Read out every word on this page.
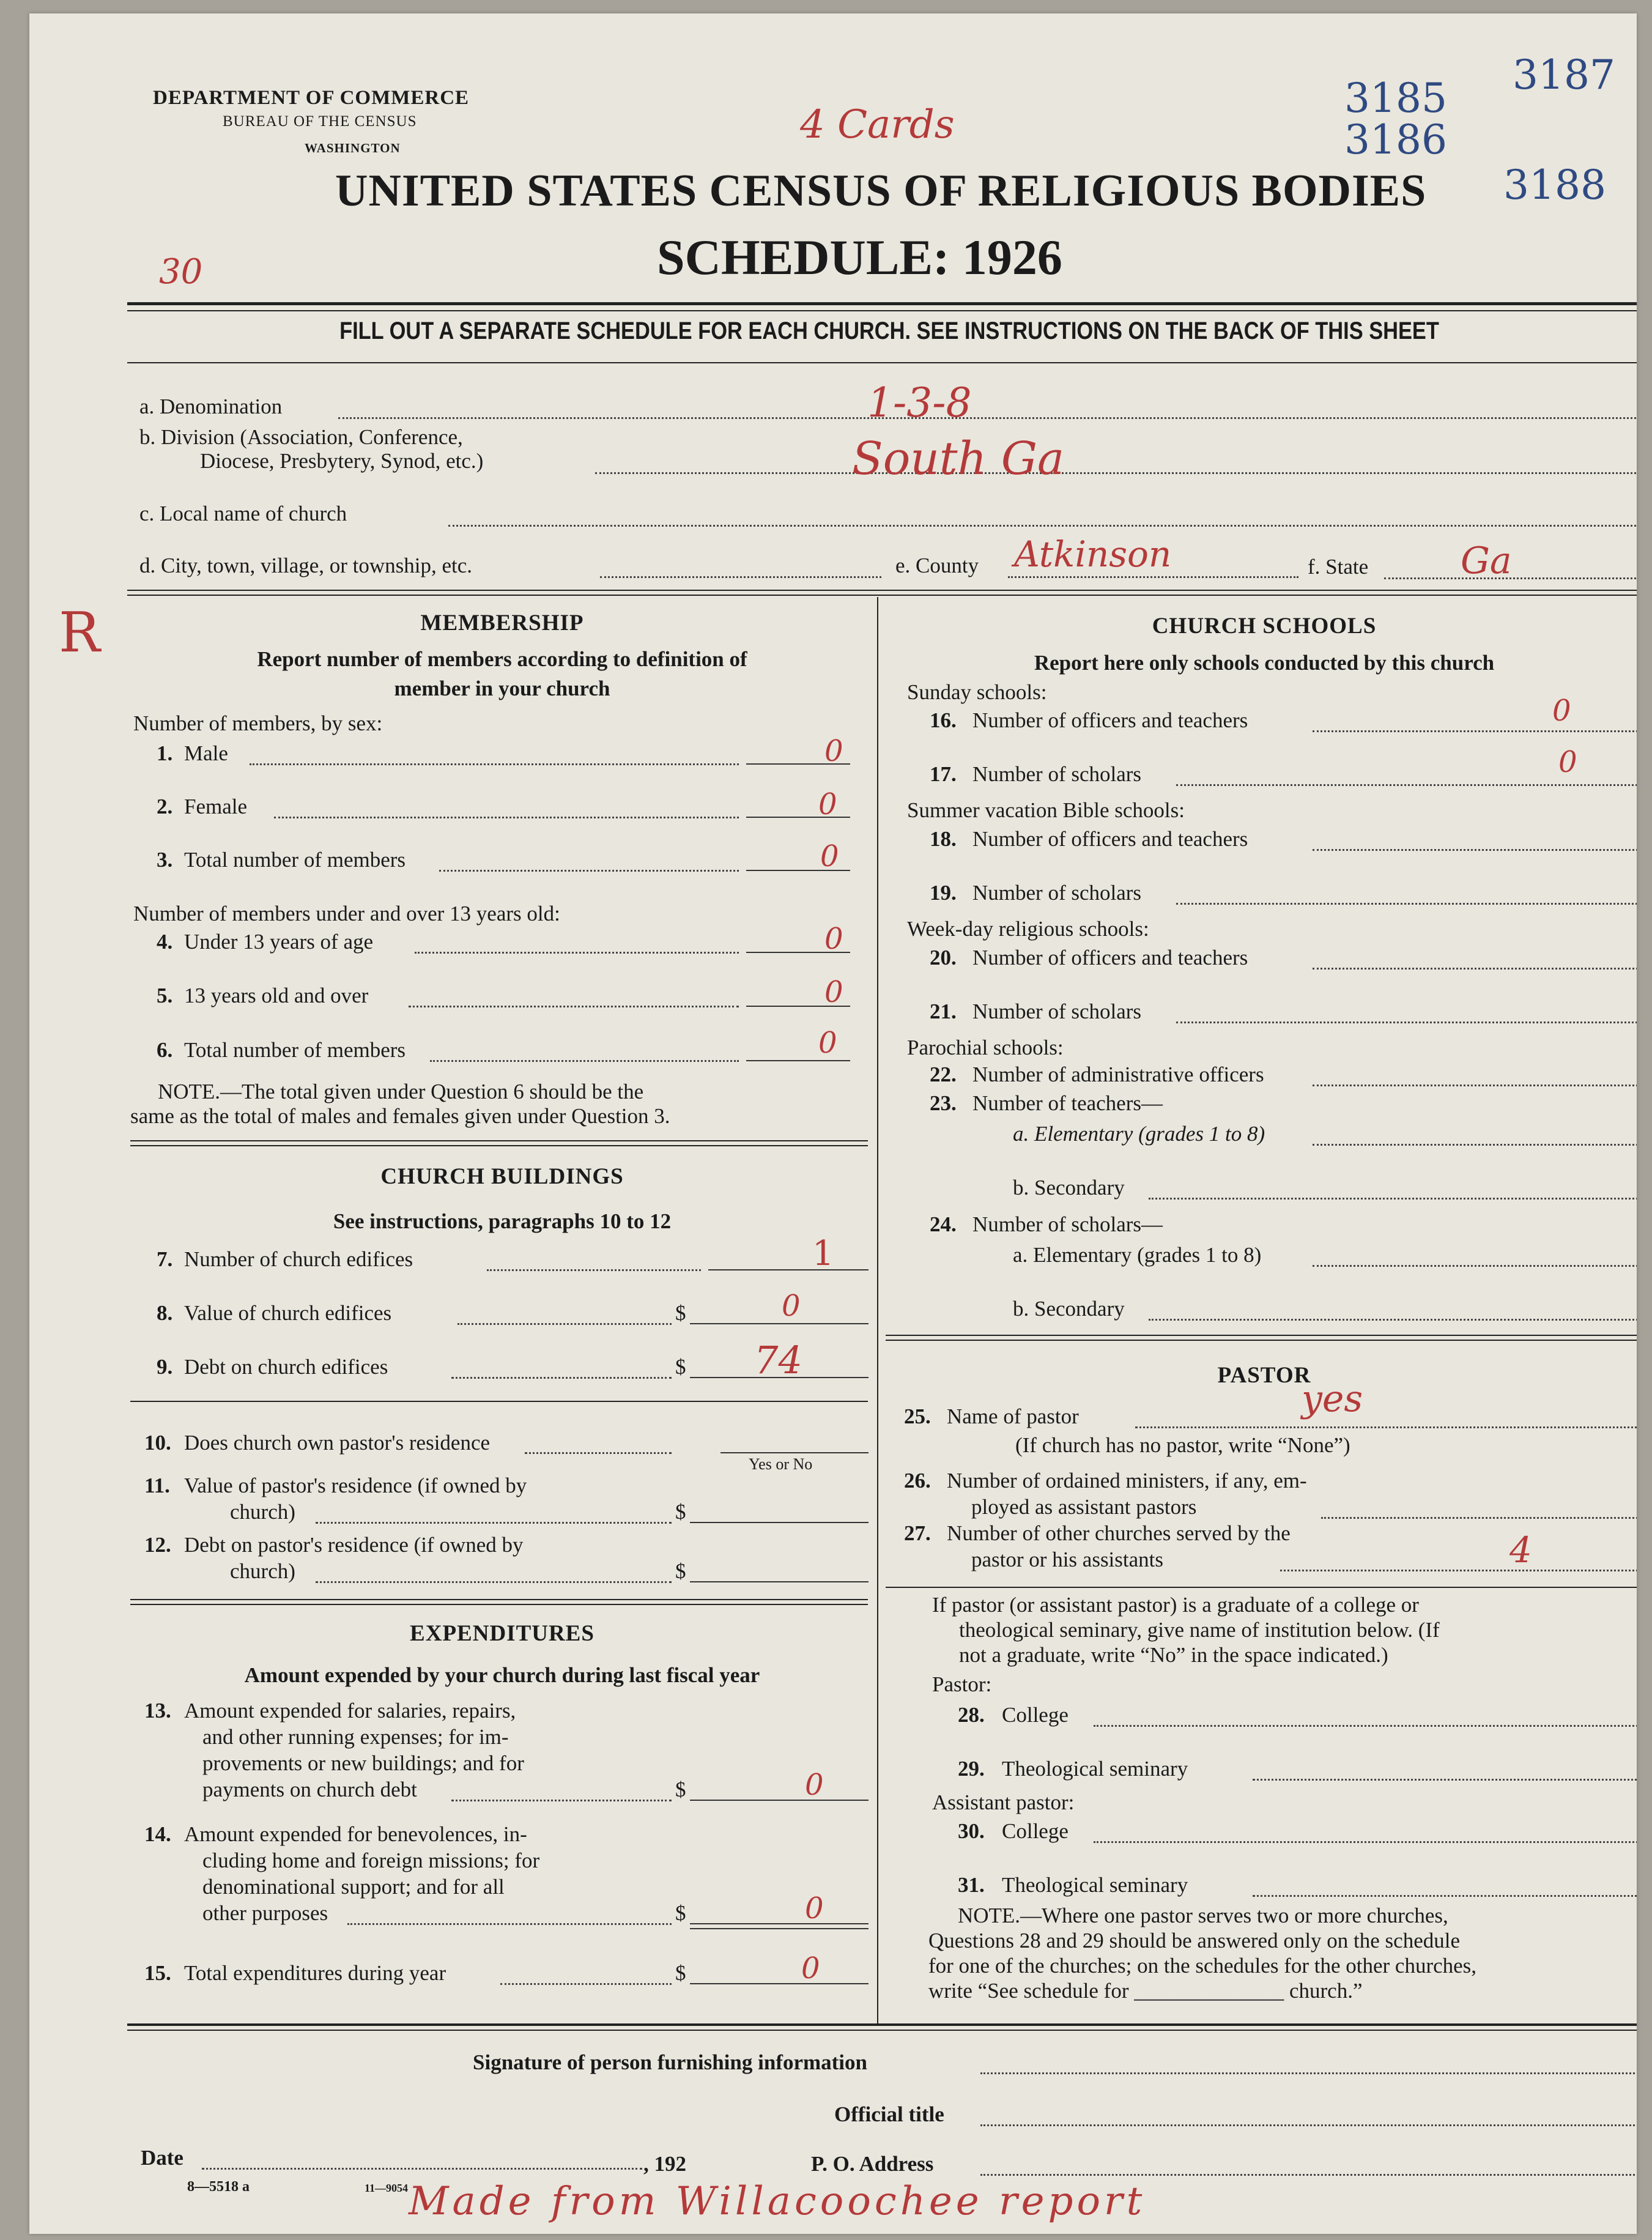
DEPARTMENT OF COMMERCE
BUREAU OF THE CENSUS
WASHINGTON
UNITED STATES CENSUS OF RELIGIOUS BODIES
SCHEDULE: 1926
4 Cards
3185
3186
3187
3188
30
R
FILL OUT A SEPARATE SCHEDULE FOR EACH CHURCH. SEE INSTRUCTIONS ON THE BACK OF THIS SHEET
a. Denomination	1-3-8
b. Division (Association, Conference,
Diocese, Presbytery, Synod, etc.)	South Ga
c. Local name of church
d. City, town, village, or township, etc.	e. County Atkinson	f. State	Ga
MEMBERSHIP
Report number of members according to definition of
member in your church
Number of members, by sex:
1. Male	0
2. Female	0
3. Total number of members	0
Number of members under and over 13 years old:
4. Under 13 years of age	0
5. 13 years old and over	0
6. Total number of members	0
NOTE.—The total given under Question 6 should be the
same as the total of males and females given under Question 3.
CHURCH BUILDINGS
See instructions, paragraphs 10 to 12
7. Number of church edifices	1
8. Value of church edifices	$	0
9. Debt on church edifices	$ 74
10. Does church own pastor's residence
Yes or No
11. Value of pastor's residence (if owned by
church)	$
12. Debt on pastor's residence (if owned by
church)	$
EXPENDITURES
Amount expended by your church during last fiscal year
13. Amount expended for salaries, repairs,
and other running expenses; for im-
provements or new buildings; and for
payments on church debt	$	0
14. Amount expended for benevolences, in-
cluding home and foreign missions; for
denominational support; and for all
other purposes	$	0
15. Total expenditures during year	$	0
CHURCH SCHOOLS
Report here only schools conducted by this church
Sunday schools:
16. Number of officers and teachers	0
17. Number of scholars	0
Summer vacation Bible schools:
18. Number of officers and teachers
19. Number of scholars
Week-day religious schools:
20. Number of officers and teachers
21. Number of scholars
Parochial schools:
22. Number of administrative officers
23. Number of teachers—
a. Elementary (grades 1 to 8)
b. Secondary
24. Number of scholars—
a. Elementary (grades 1 to 8)
b. Secondary
PASTOR
25. Name of pastor	yes
(If church has no pastor, write “None”)
26. Number of ordained ministers, if any, em-
ployed as assistant pastors
27. Number of other churches served by the
pastor or his assistants	4
If pastor (or assistant pastor) is a graduate of a college or
theological seminary, give name of institution below. (If
not a graduate, write “No” in the space indicated.)
Pastor:
28. College
29. Theological seminary
Assistant pastor:
30. College
31. Theological seminary
NOTE.—Where one pastor serves two or more churches,
Questions 28 and 29 should be answered only on the schedule
for one of the churches; on the schedules for the other churches,
write “See schedule for ______________ church.”
Signature of person furnishing information
Official title
Date	, 192	P. O. Address
8—5518 a	11—9054 Made from Willacoochee report
